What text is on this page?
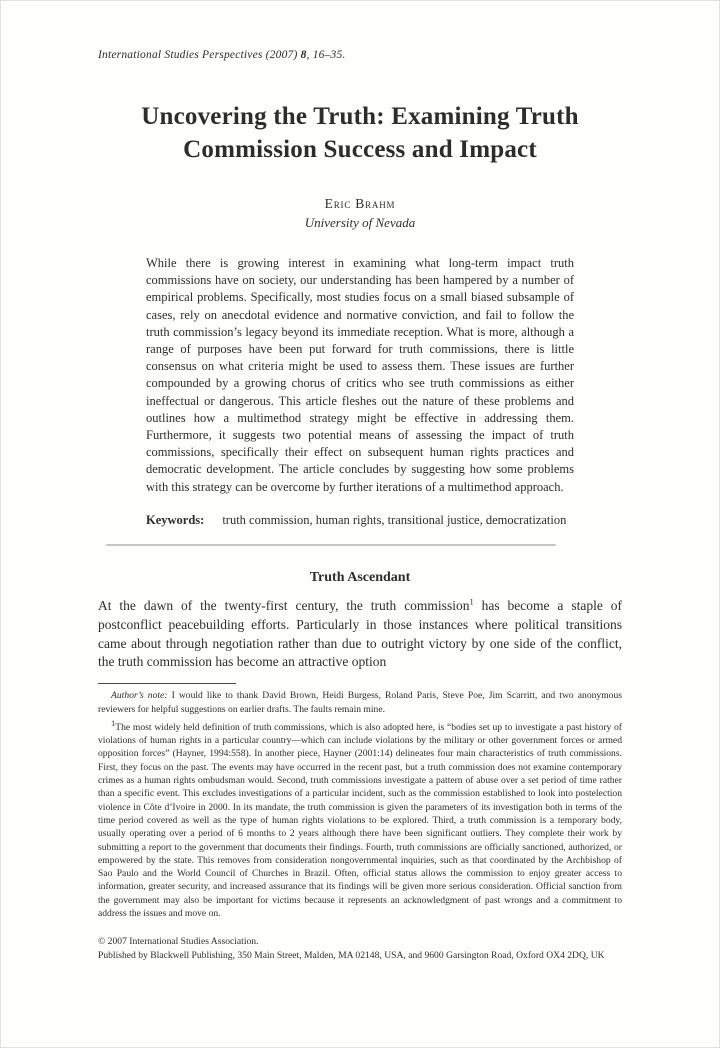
International Studies Perspectives (2007) 8, 16–35.

Uncovering the Truth: Examining Truth Commission Success and Impact
Eric Brahm
University of Nevada
While there is growing interest in examining what long-term impact truth commissions have on society, our understanding has been hampered by a number of empirical problems. Specifically, most studies focus on a small biased subsample of cases, rely on anecdotal evidence and normative conviction, and fail to follow the truth commission’s legacy beyond its immediate reception. What is more, although a range of purposes have been put forward for truth commissions, there is little consensus on what criteria might be used to assess them. These issues are further compounded by a growing chorus of critics who see truth commissions as either ineffectual or dangerous. This article fleshes out the nature of these problems and outlines how a multimethod strategy might be effective in addressing them. Furthermore, it suggests two potential means of assessing the impact of truth commissions, specifically their effect on subsequent human rights practices and democratic development. The article concludes by suggesting how some problems with this strategy can be overcome by further iterations of a multimethod approach.

Keywords: truth commission, human rights, transitional justice, democratization

Truth Ascendant

At the dawn of the twenty-first century, the truth commission$^1$ has become a staple of postconflict peacebuilding efforts. Particularly in those instances where political transitions came about through negotiation rather than due to outright victory by one side of the conflict, the truth commission has become an attractive option

Author’s note: I would like to thank David Brown, Heidi Burgess, Roland Paris, Steve Poe, Jim Scarritt, and two anonymous reviewers for helpful suggestions on earlier drafts. The faults remain mine.

$^1$The most widely held definition of truth commissions, which is also adopted here, is “bodies set up to investigate a past history of violations of human rights in a particular country—which can include violations by the military or other government forces or armed opposition forces” (Hayner, 1994:558). In another piece, Hayner (2001:14) delineates four main characteristics of truth commissions. First, they focus on the past. The events may have occurred in the recent past, but a truth commission does not examine contemporary crimes as a human rights ombudsman would. Second, truth commissions investigate a pattern of abuse over a set period of time rather than a specific event. This excludes investigations of a particular incident, such as the commission established to look into postelection violence in Côte d’Ivoire in 2000. In its mandate, the truth commission is given the parameters of its investigation both in terms of the time period covered as well as the type of human rights violations to be explored. Third, a truth commission is a temporary body, usually operating over a period of 6 months to 2 years although there have been significant outliers. They complete their work by submitting a report to the government that documents their findings. Fourth, truth commissions are officially sanctioned, authorized, or empowered by the state. This removes from consideration nongovernmental inquiries, such as that coordinated by the Archbishop of Sao Paulo and the World Council of Churches in Brazil. Often, official status allows the commission to enjoy greater access to information, greater security, and increased assurance that its findings will be given more serious consideration. Official sanction from the government may also be important for victims because it represents an acknowledgment of past wrongs and a commitment to address the issues and move on.

© 2007 International Studies Association.

Published by Blackwell Publishing, 350 Main Street, Malden, MA 02148, USA, and 9600 Garsington Road, Oxford OX4 2DQ, UK
